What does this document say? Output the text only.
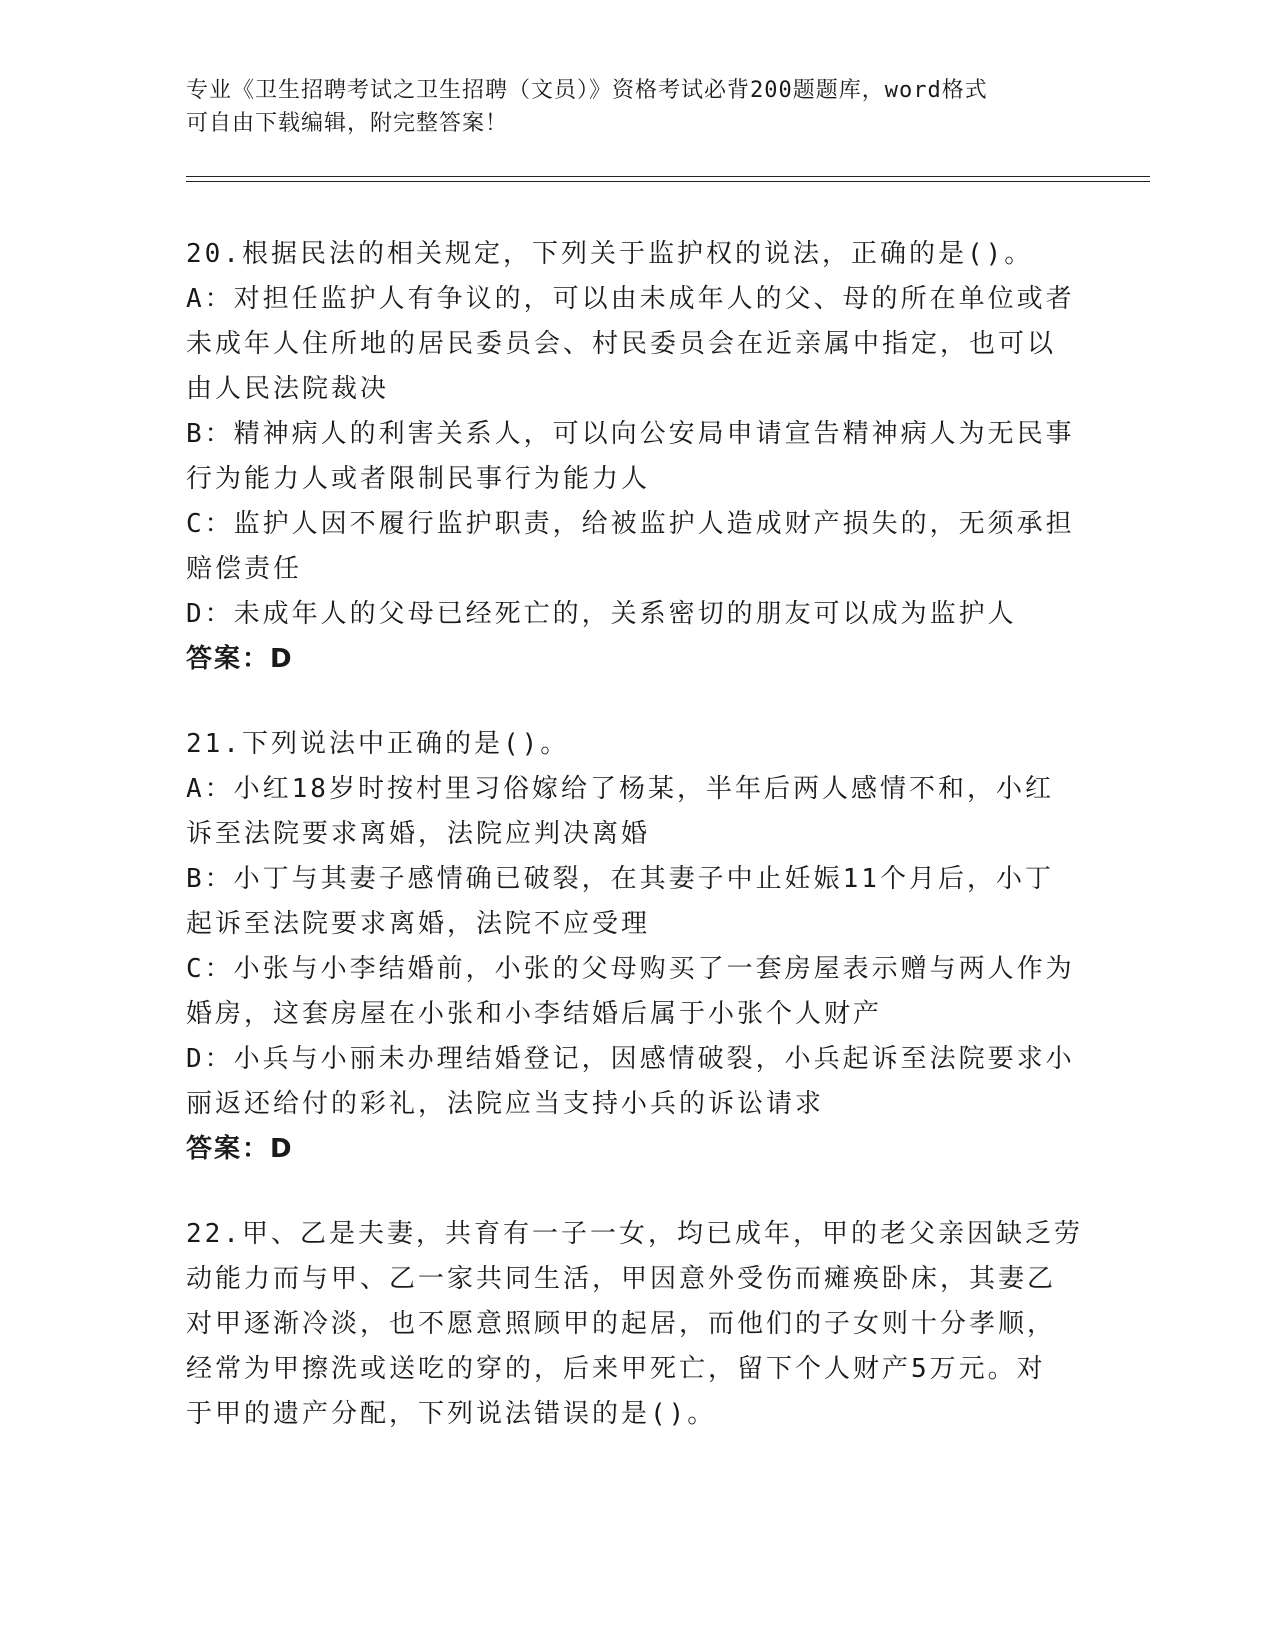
专业《卫生招聘考试之卫生招聘（文员）》资格考试必背200题题库，word格式
可自由下载编辑，附完整答案！
20.根据民法的相关规定，下列关于监护权的说法，正确的是()。
A：对担任监护人有争议的，可以由未成年人的父、母的所在单位或者
未成年人住所地的居民委员会、村民委员会在近亲属中指定，也可以
由人民法院裁决
B：精神病人的利害关系人，可以向公安局申请宣告精神病人为无民事
行为能力人或者限制民事行为能力人
C：监护人因不履行监护职责，给被监护人造成财产损失的，无须承担
赔偿责任
D：未成年人的父母已经死亡的，关系密切的朋友可以成为监护人
答案：D
21.下列说法中正确的是()。
A：小红18岁时按村里习俗嫁给了杨某，半年后两人感情不和，小红
诉至法院要求离婚，法院应判决离婚
B：小丁与其妻子感情确已破裂，在其妻子中止妊娠11个月后，小丁
起诉至法院要求离婚，法院不应受理
C：小张与小李结婚前，小张的父母购买了一套房屋表示赠与两人作为
婚房，这套房屋在小张和小李结婚后属于小张个人财产
D：小兵与小丽未办理结婚登记，因感情破裂，小兵起诉至法院要求小
丽返还给付的彩礼，法院应当支持小兵的诉讼请求
答案：D
22.甲、乙是夫妻，共育有一子一女，均已成年，甲的老父亲因缺乏劳
动能力而与甲、乙一家共同生活，甲因意外受伤而瘫痪卧床，其妻乙
对甲逐渐冷淡，也不愿意照顾甲的起居，而他们的子女则十分孝顺，
经常为甲擦洗或送吃的穿的，后来甲死亡，留下个人财产5万元。对
于甲的遗产分配，下列说法错误的是()。
